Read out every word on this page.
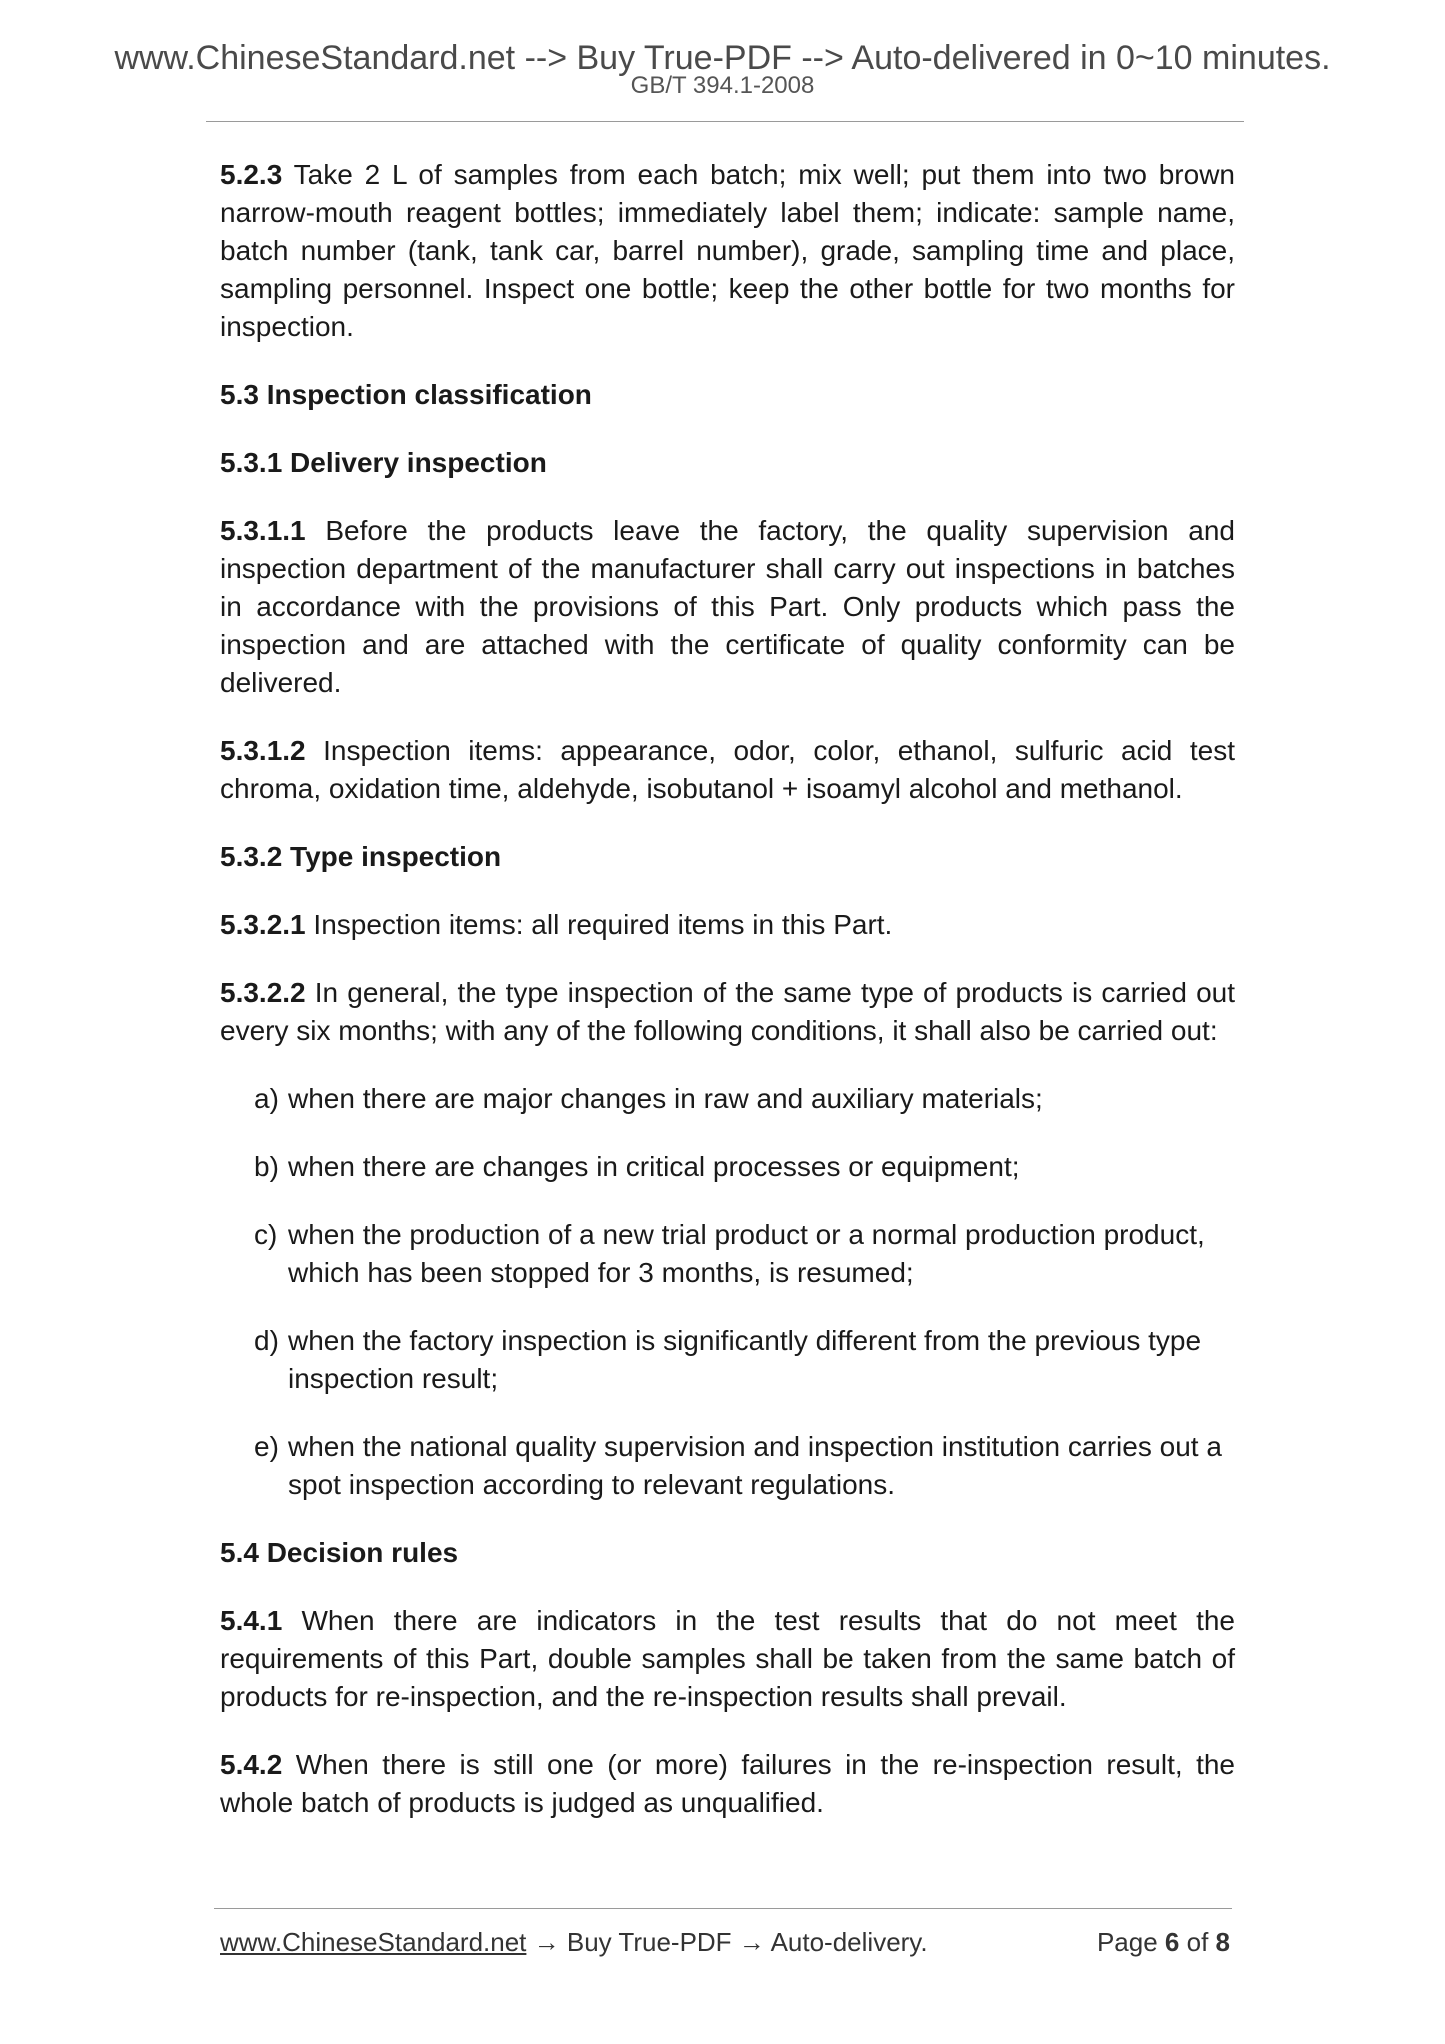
www.ChineseStandard.net --> Buy True-PDF --> Auto-delivered in 0~10 minutes.
GB/T 394.1-2008

5.2.3 Take 2 L of samples from each batch; mix well; put them into two brown narrow-mouth reagent bottles; immediately label them; indicate: sample name, batch number (tank, tank car, barrel number), grade, sampling time and place, sampling personnel. Inspect one bottle; keep the other bottle for two months for inspection.

5.3 Inspection classification
5.3.1 Delivery inspection

5.3.1.1 Before the products leave the factory, the quality supervision and inspection department of the manufacturer shall carry out inspections in batches in accordance with the provisions of this Part. Only products which pass the inspection and are attached with the certificate of quality conformity can be delivered.

5.3.1.2 Inspection items: appearance, odor, color, ethanol, sulfuric acid test chroma, oxidation time, aldehyde, isobutanol + isoamyl alcohol and methanol.

5.3.2 Type inspection

5.3.2.1 Inspection items: all required items in this Part.

5.3.2.2 In general, the type inspection of the same type of products is carried out every six months; with any of the following conditions, it shall also be carried out:

a) when there are major changes in raw and auxiliary materials;
b) when there are changes in critical processes or equipment;
c) when the production of a new trial product or a normal production product, which has been stopped for 3 months, is resumed;
d) when the factory inspection is significantly different from the previous type inspection result;
e) when the national quality supervision and inspection institution carries out a spot inspection according to relevant regulations.
5.4 Decision rules

5.4.1 When there are indicators in the test results that do not meet the requirements of this Part, double samples shall be taken from the same batch of products for re-inspection, and the re-inspection results shall prevail.

5.4.2 When there is still one (or more) failures in the re-inspection result, the whole batch of products is judged as unqualified.

www.ChineseStandard.net → Buy True-PDF → Auto-delivery.	Page 6 of 8
